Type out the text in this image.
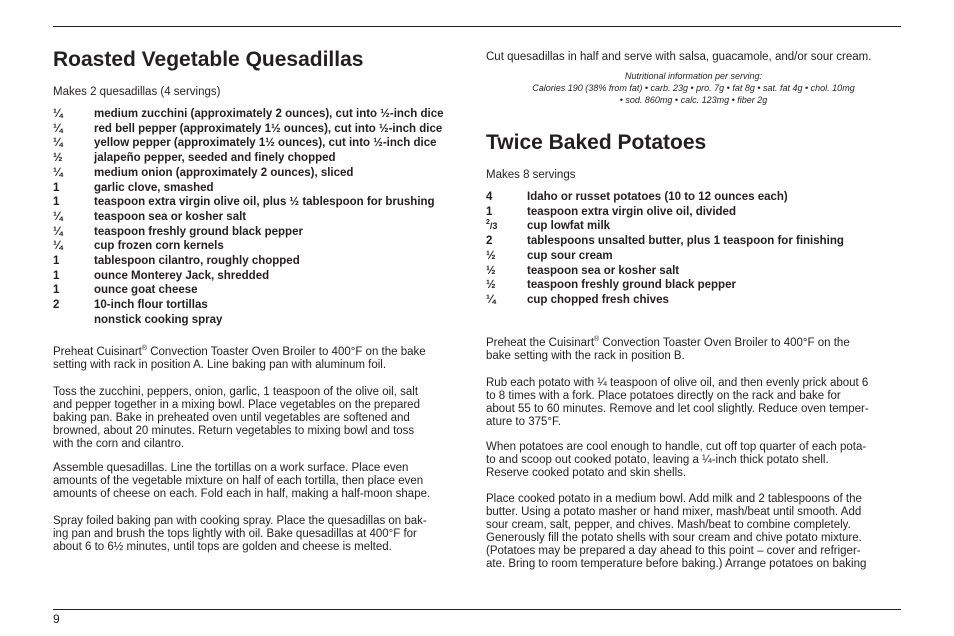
Roasted Vegetable Quesadillas
Makes 2 quesadillas (4 servings)
¼	medium zucchini (approximately 2 ounces), cut into ½-inch dice
¼	red bell pepper (approximately 1½ ounces), cut into ½-inch dice
¼	yellow pepper (approximately 1½ ounces), cut into ½-inch dice
½	jalapeño pepper, seeded and finely chopped
¼	medium onion (approximately 2 ounces), sliced
1	garlic clove, smashed
1	teaspoon extra virgin olive oil, plus ½ tablespoon for brushing
¼	teaspoon sea or kosher salt
¼	teaspoon freshly ground black pepper
¼	cup frozen corn kernels
1	tablespoon cilantro, roughly chopped
1	ounce Monterey Jack, shredded
1	ounce goat cheese
2	10-inch flour tortillas
nonstick cooking spray
Preheat Cuisinart® Convection Toaster Oven Broiler to 400°F on the bake
setting with rack in position A. Line baking pan with aluminum foil.
Toss the zucchini, peppers, onion, garlic, 1 teaspoon of the olive oil, salt
and pepper together in a mixing bowl. Place vegetables on the prepared
baking pan. Bake in preheated oven until vegetables are softened and
browned, about 20 minutes. Return vegetables to mixing bowl and toss
with the corn and cilantro.
Assemble quesadillas. Line the tortillas on a work surface. Place even
amounts of the vegetable mixture on half of each tortilla, then place even
amounts of cheese on each. Fold each in half, making a half-moon shape.
Spray foiled baking pan with cooking spray. Place the quesadillas on bak-
ing pan and brush the tops lightly with oil. Bake quesadillas at 400°F for
about 6 to 6½ minutes, until tops are golden and cheese is melted.
Cut quesadillas in half and serve with salsa, guacamole, and/or sour cream.
Nutritional information per serving:
Calories 190 (38% from fat) • carb. 23g • pro. 7g • fat 8g • sat. fat 4g • chol. 10mg
• sod. 860mg • calc. 123mg • fiber 2g
Twice Baked Potatoes
Makes 8 servings
4	Idaho or russet potatoes (10 to 12 ounces each)
1	teaspoon extra virgin olive oil, divided
$^2$/3	cup lowfat milk
2	tablespoons unsalted butter, plus 1 teaspoon for finishing
½	cup sour cream
½	teaspoon sea or kosher salt
½	teaspoon freshly ground black pepper
¼	cup chopped fresh chives
Preheat the Cuisinart® Convection Toaster Oven Broiler to 400°F on the
bake setting with the rack in position B.
Rub each potato with ¼ teaspoon of olive oil, and then evenly prick about 6
to 8 times with a fork. Place potatoes directly on the rack and bake for
about 55 to 60 minutes. Remove and let cool slightly. Reduce oven temper-
ature to 375°F.
When potatoes are cool enough to handle, cut off top quarter of each pota-
to and scoop out cooked potato, leaving a ¼-inch thick potato shell.
Reserve cooked potato and skin shells.
Place cooked potato in a medium bowl. Add milk and 2 tablespoons of the
butter. Using a potato masher or hand mixer, mash/beat until smooth. Add
sour cream, salt, pepper, and chives. Mash/beat to combine completely.
Generously fill the potato shells with sour cream and chive potato mixture.
(Potatoes may be prepared a day ahead to this point – cover and refriger-
ate. Bring to room temperature before baking.) Arrange potatoes on baking
9
